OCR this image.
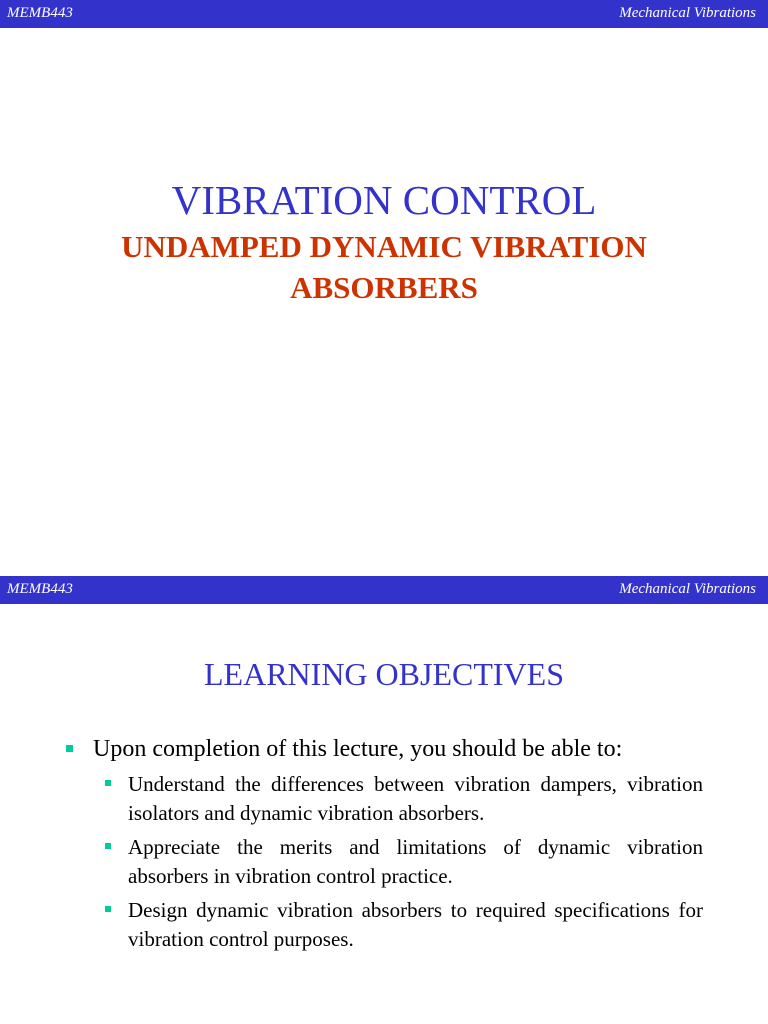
MEMB443	Mechanical Vibrations
VIBRATION CONTROL
UNDAMPED DYNAMIC VIBRATION
ABSORBERS
MEMB443	Mechanical Vibrations
LEARNING OBJECTIVES
Upon completion of this lecture, you should be able to:
Understand the differences between vibration dampers, vibration isolators and dynamic vibration absorbers.
Appreciate the merits and limitations of dynamic vibration absorbers in vibration control practice.
Design dynamic vibration absorbers to required specifications for vibration control purposes.
